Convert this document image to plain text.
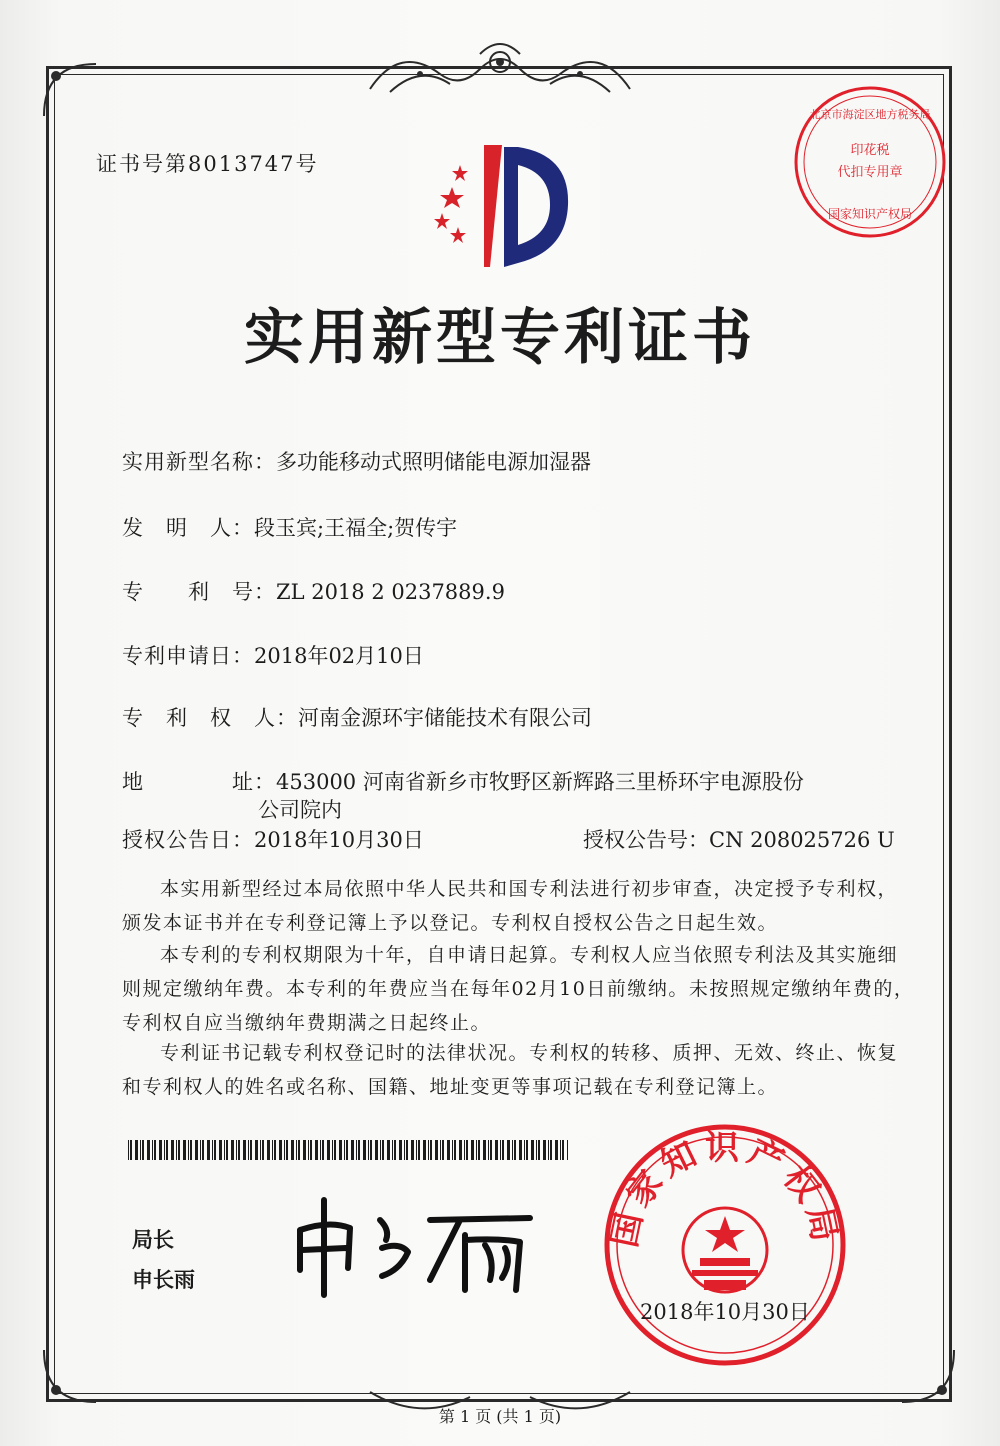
证书号第8013747号
北京市海淀区地方税务局
印花税
代扣专用章
国家知识产权局
实用新型专利证书
实用新型名称：多功能移动式照明储能电源加湿器
发　明　人：段玉宾;王福全;贺传宇
专　　利　号：ZL 2018 2 0237889.9
专利申请日：2018年02月10日
专　利　权　人：河南金源环宇储能技术有限公司
地　　　　址：453000 河南省新乡市牧野区新辉路三里桥环宇电源股份
公司院内
授权公告日：2018年10月30日	授权公告号：CN 208025726 U
本实用新型经过本局依照中华人民共和国专利法进行初步审查，决定授予专利权，颁发本证书并在专利登记簿上予以登记。专利权自授权公告之日起生效。
本专利的专利权期限为十年，自申请日起算。专利权人应当依照专利法及其实施细则规定缴纳年费。本专利的年费应当在每年02月10日前缴纳。未按照规定缴纳年费的，专利权自应当缴纳年费期满之日起终止。
专利证书记载专利权登记时的法律状况。专利权的转移、质押、无效、终止、恢复和专利权人的姓名或名称、国籍、地址变更等事项记载在专利登记簿上。
局长
申长雨
国家知识产权局
2018年10月30日
第 1 页 (共 1 页)
